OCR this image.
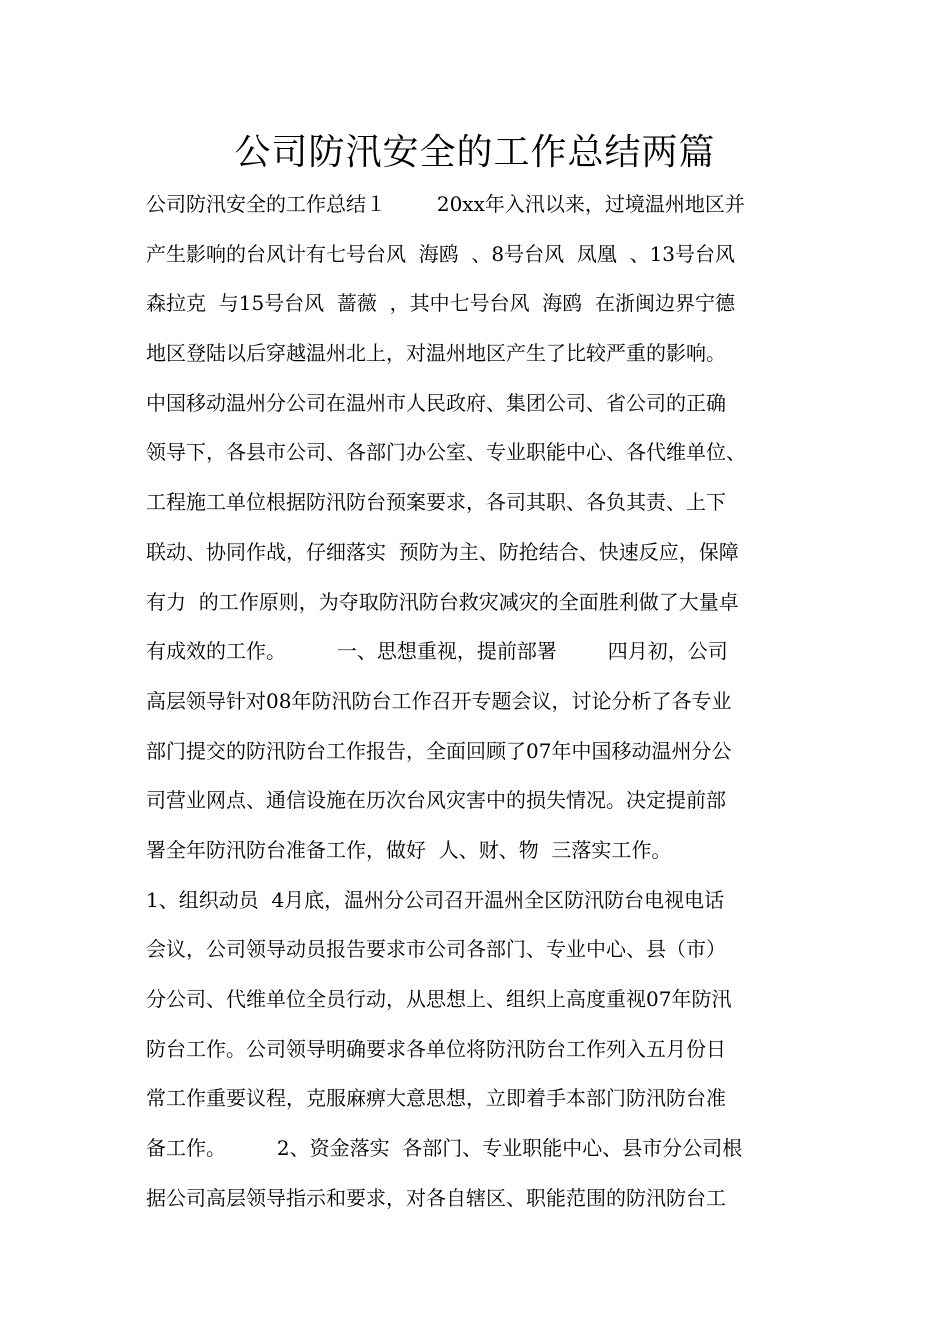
公司防汛安全的工作总结两篇
公司防汛安全的工作总结１        20xx年入汛以来，过境温州地区并
产生影响的台风计有七号台风  海鸥  、8号台风  凤凰  、13号台风
森拉克  与15号台风  蔷薇  ，其中七号台风  海鸥  在浙闽边界宁德
地区登陆以后穿越温州北上，对温州地区产生了比较严重的影响。
中国移动温州分公司在温州市人民政府、集团公司、省公司的正确
领导下，各县市公司、各部门办公室、专业职能中心、各代维单位、
工程施工单位根据防汛防台预案要求，各司其职、各负其责、上下
联动、协同作战，仔细落实  预防为主、防抢结合、快速反应，保障
有力  的工作原则，为夺取防汛防台救灾减灾的全面胜利做了大量卓
有成效的工作。        一、思想重视，提前部署        四月初，公司
高层领导针对08年防汛防台工作召开专题会议，讨论分析了各专业
部门提交的防汛防台工作报告，全面回顾了07年中国移动温州分公
司营业网点、通信设施在历次台风灾害中的损失情况。决定提前部
署全年防汛防台准备工作，做好  人、财、物  三落实工作。
1、组织动员  4月底，温州分公司召开温州全区防汛防台电视电话
会议，公司领导动员报告要求市公司各部门、专业中心、县（市）
分公司、代维单位全员行动，从思想上、组织上高度重视07年防汛
防台工作。公司领导明确要求各单位将防汛防台工作列入五月份日
常工作重要议程，克服麻痹大意思想，立即着手本部门防汛防台准
备工作。        2、资金落实  各部门、专业职能中心、县市分公司根
据公司高层领导指示和要求，对各自辖区、职能范围的防汛防台工
